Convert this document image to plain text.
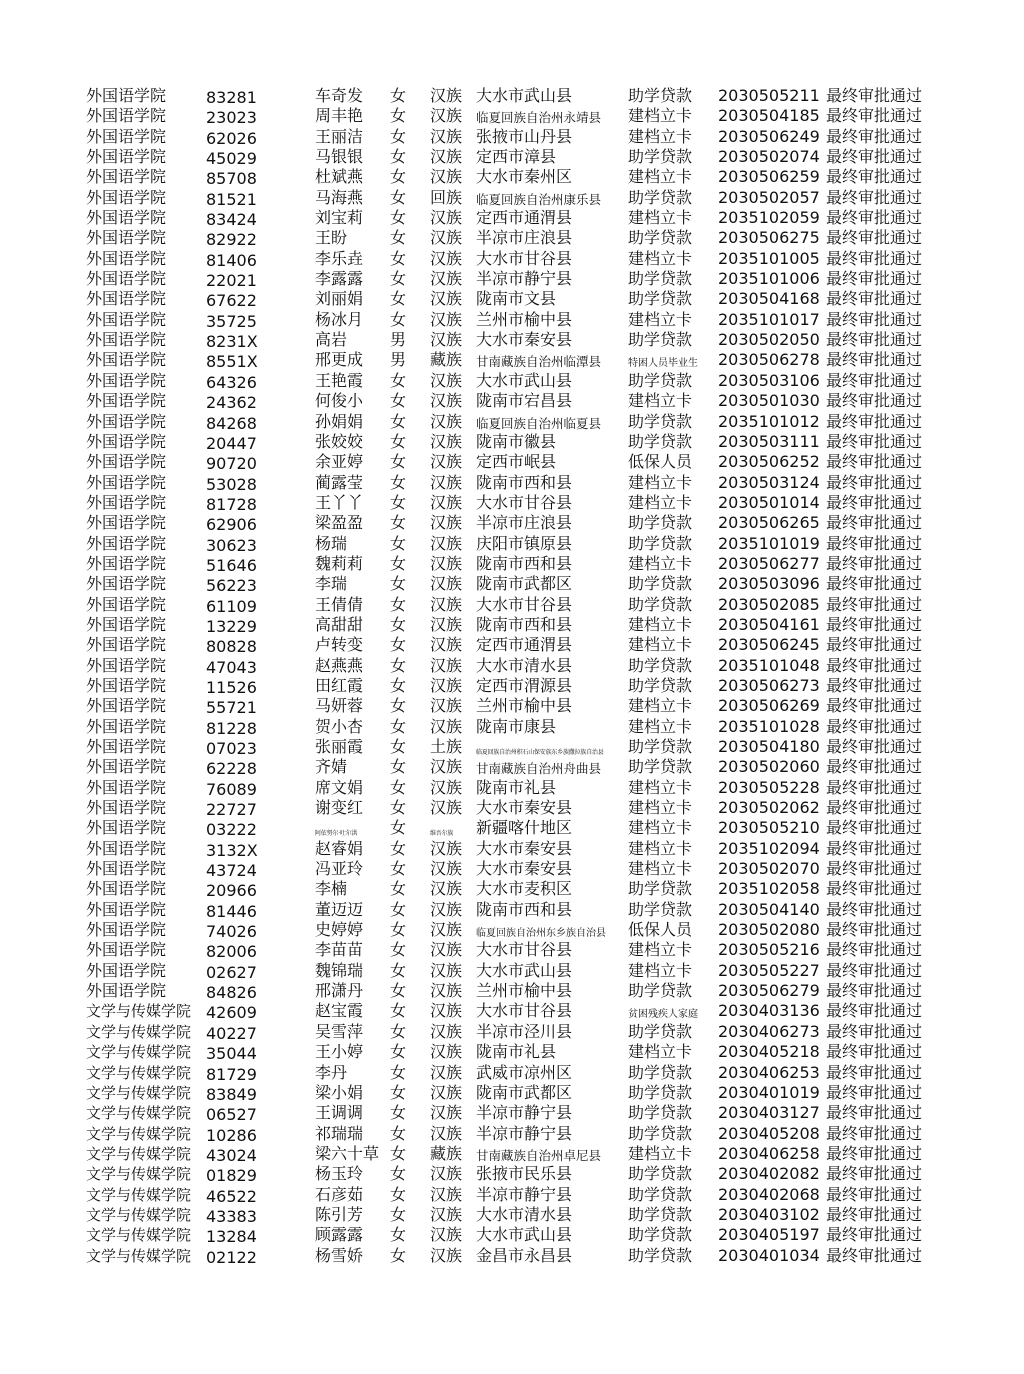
外国语学院 83281	车奇发 女 汉族 大水市武山县	助学贷款 2030505211 最终审批通过
外国语学院 23023	周丰艳 女 汉族 临夏回族自治州永靖县 建档立卡 2030504185 最终审批通过
外国语学院 62026	王丽洁 女 汉族 张掖市山丹县	建档立卡 2030506249 最终审批通过
外国语学院 45029	马银银 女 汉族 定西市漳县	助学贷款 2030502074 最终审批通过
外国语学院 85708	杜斌燕 女 汉族 大水市秦州区	建档立卡 2030506259 最终审批通过
外国语学院 81521	马海燕 女 回族 临夏回族自治州康乐县 助学贷款 2030502057 最终审批通过
外国语学院 83424	刘宝莉 女 汉族 定西市通渭县	建档立卡 2035102059 最终审批通过
外国语学院 82922	王盼	女 汉族 半凉市庄浪县	助学贷款 2030506275 最终审批通过
外国语学院 81406	李乐垚 女 汉族 大水市甘谷县	建档立卡 2035101005 最终审批通过
外国语学院 22021	李露露 女 汉族 半凉市静宁县	助学贷款 2035101006 最终审批通过
外国语学院 67622	刘丽娟 女 汉族 陇南市文县	助学贷款 2030504168 最终审批通过
外国语学院 35725	杨冰月 女 汉族 兰州市榆中县	建档立卡 2035101017 最终审批通过
外国语学院 8231X	高岩	男 汉族 大水市秦安县	助学贷款 2030502050 最终审批通过
外国语学院 8551X	邢更成 男 藏族 甘南藏族自治州临潭县	特困人员毕业生 2030506278 最终审批通过
外国语学院 64326	王艳霞 女 汉族 大水市武山县	助学贷款 2030503106 最终审批通过
外国语学院 24362	何俊小 女 汉族 陇南市宕昌县	建档立卡 2030501030 最终审批通过
外国语学院 84268	孙娟娟 女 汉族 临夏回族自治州临夏县 助学贷款 2035101012 最终审批通过
外国语学院 20447	张姣姣 女 汉族 陇南市徽县	助学贷款 2030503111 最终审批通过
外国语学院 90720	余亚婷 女 汉族 定西市岷县	低保人员 2030506252 最终审批通过
外国语学院 53028	蔺露莹 女 汉族 陇南市西和县	建档立卡 2030503124 最终审批通过
外国语学院 81728	王丫丫 女 汉族 大水市甘谷县	建档立卡 2030501014 最终审批通过
外国语学院 62906	梁盈盈 女 汉族 半凉市庄浪县	助学贷款 2030506265 最终审批通过
外国语学院 30623	杨瑞	女 汉族 庆阳市镇原县	助学贷款 2035101019 最终审批通过
外国语学院 51646	魏莉莉 女 汉族 陇南市西和县	建档立卡 2030506277 最终审批通过
外国语学院 56223	李瑞	女 汉族 陇南市武都区	助学贷款 2030503096 最终审批通过
外国语学院 61109	王倩倩 女 汉族 大水市甘谷县	助学贷款 2030502085 最终审批通过
外国语学院 13229	高甜甜 女 汉族 陇南市西和县	建档立卡 2030504161 最终审批通过
外国语学院 80828	卢转变 女 汉族 定西市通渭县	建档立卡 2030506245 最终审批通过
外国语学院 47043	赵燕燕 女 汉族 大水市清水县	助学贷款 2035101048 最终审批通过
外国语学院 11526	田红霞 女 汉族 定西市渭源县	助学贷款 2030506273 最终审批通过
外国语学院 55721	马妍蓉 女 汉族 兰州市榆中县	建档立卡 2030506269 最终审批通过
外国语学院 81228	贺小杏 女 汉族 陇南市康县	建档立卡 2035101028 最终审批通过
外国语学院 07023	张丽霞 女 土族 临夏回族自治州积石山保安族东乡族撒拉族自治县 助学贷款 2030504180 最终审批通过
外国语学院 62228	齐婧	女 汉族 甘南藏族自治州舟曲县 助学贷款 2030502060 最终审批通过
外国语学院 76089	席文娟 女 汉族 陇南市礼县	建档立卡 2030505228 最终审批通过
外国语学院 22727	谢变红 女 汉族 大水市秦安县	建档立卡 2030502062 最终审批通过
外国语学院 03222	阿依努尔·吐尔洪 女	维吾尔族 新疆喀什地区	建档立卡 2030505210 最终审批通过
外国语学院 3132X	赵睿娟 女 汉族 大水市秦安县	建档立卡 2035102094 最终审批通过
外国语学院 43724	冯亚玲 女 汉族 大水市秦安县	建档立卡 2030502070 最终审批通过
外国语学院 20966	李楠	女 汉族 大水市麦积区	助学贷款 2035102058 最终审批通过
外国语学院 81446	董迈迈 女 汉族 陇南市西和县	助学贷款 2030504140 最终审批通过
外国语学院 74026	史婷婷 女 汉族 临夏回族自治州东乡族自治县 低保人员 2030502080 最终审批通过
外国语学院 82006	李苗苗 女 汉族 大水市甘谷县	建档立卡 2030505216 最终审批通过
外国语学院 02627	魏锦瑞 女 汉族 大水市武山县	建档立卡 2030505227 最终审批通过
外国语学院 84826	邢潇丹 女 汉族 兰州市榆中县	助学贷款 2030506279 最终审批通过
文学与传媒学院 42609	赵宝霞 女 汉族 大水市甘谷县	贫困残疾人家庭 2030403136 最终审批通过
文学与传媒学院 40227	吴雪萍 女 汉族 半凉市泾川县	助学贷款 2030406273 最终审批通过
文学与传媒学院 35044	王小婷 女 汉族 陇南市礼县	建档立卡 2030405218 最终审批通过
文学与传媒学院 81729	李丹	女 汉族 武威市凉州区	助学贷款 2030406253 最终审批通过
文学与传媒学院 83849	梁小娟 女 汉族 陇南市武都区	助学贷款 2030401019 最终审批通过
文学与传媒学院 06527	王调调 女 汉族 半凉市静宁县	助学贷款 2030403127 最终审批通过
文学与传媒学院 10286	祁瑞瑞 女 汉族 半凉市静宁县	助学贷款 2030405208 最终审批通过
文学与传媒学院 43024	梁六十草 女 藏族 甘南藏族自治州卓尼县 建档立卡 2030406258 最终审批通过
文学与传媒学院 01829	杨玉玲 女 汉族 张掖市民乐县	助学贷款 2030402082 最终审批通过
文学与传媒学院 46522	石彦茹 女 汉族 半凉市静宁县	助学贷款 2030402068 最终审批通过
文学与传媒学院 43383	陈引芳 女 汉族 大水市清水县	助学贷款 2030403102 最终审批通过
文学与传媒学院 13284	顾露露 女 汉族 大水市武山县	助学贷款 2030405197 最终审批通过
文学与传媒学院 02122	杨雪娇 女 汉族 金昌市永昌县	助学贷款 2030401034 最终审批通过
